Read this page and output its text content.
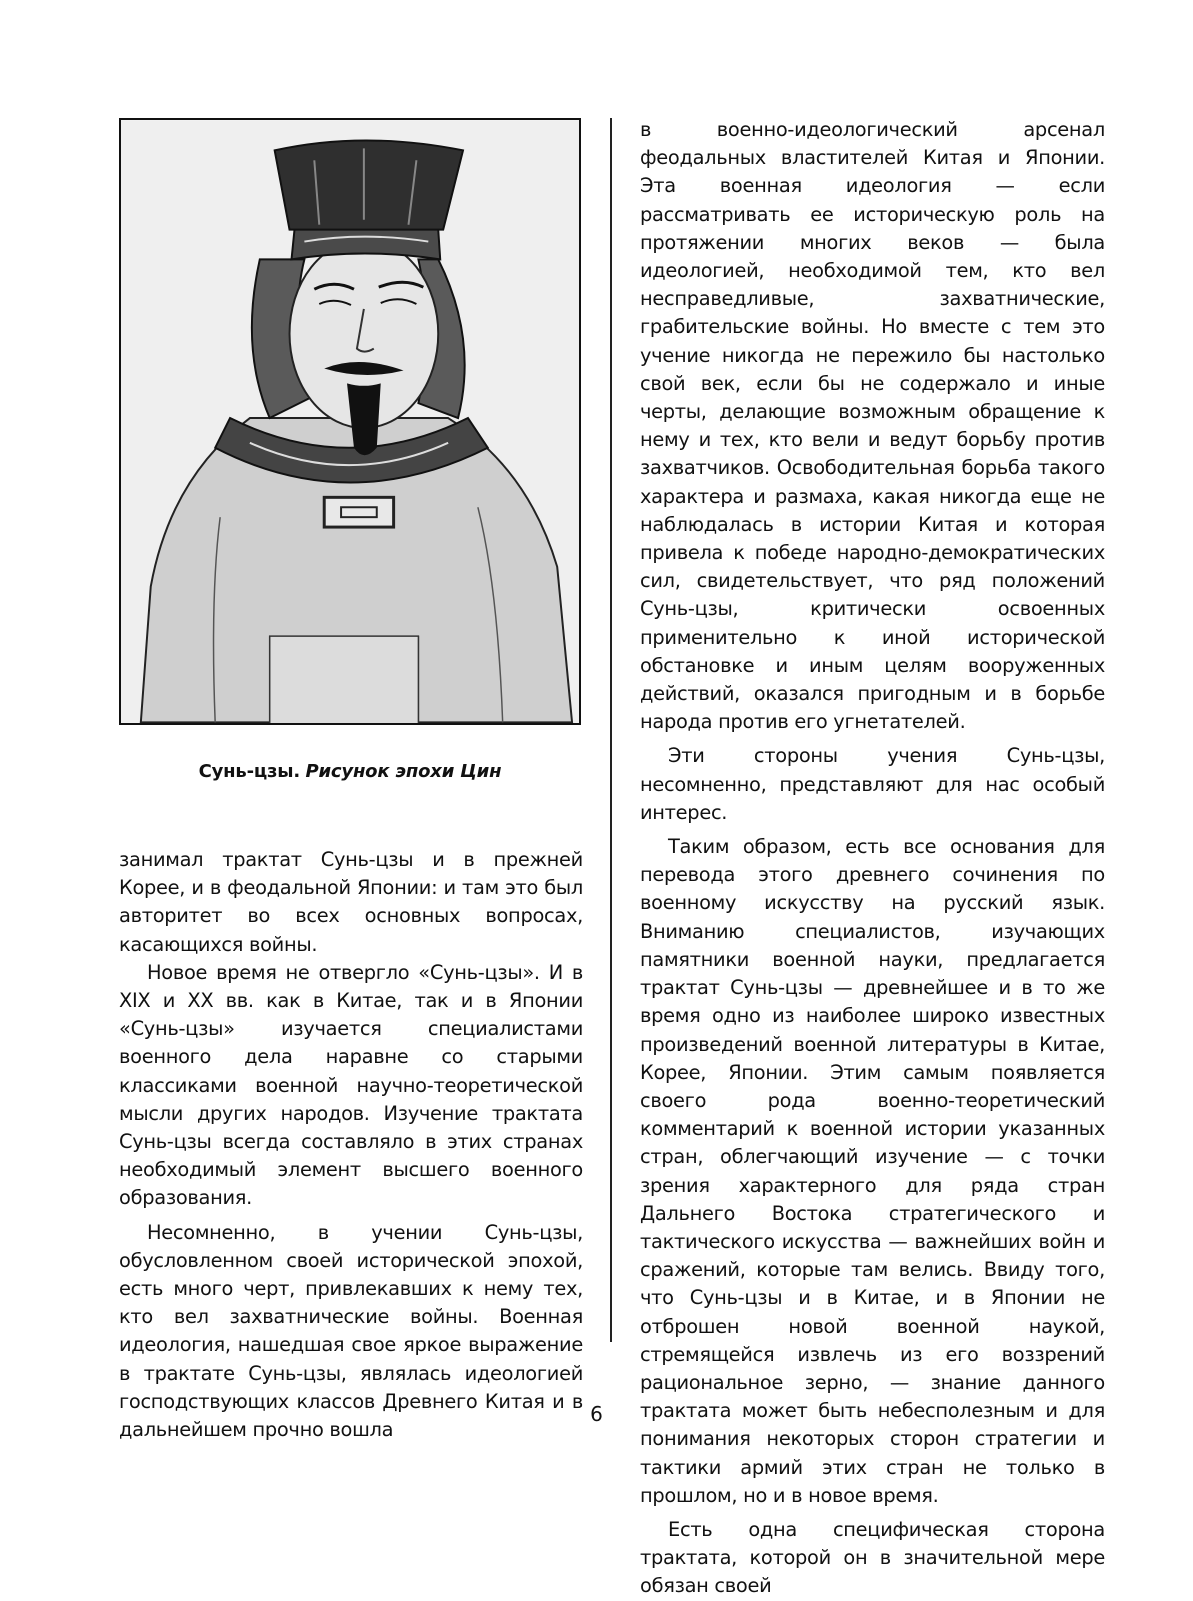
Сунь-цзы. Рисунок эпохи Цин

занимал трактат Сунь-цзы и в прежней Корее, и в феодальной Японии: и там это был авторитет во всех основных вопросах, касающихся войны.

Новое время не отвергло «Сунь-цзы». И в XIX и XX вв. как в Китае, так и в Японии «Сунь-цзы» изучается специалистами военного дела наравне со старыми классиками военной научно-теоретической мысли других народов. Изучение трактата Сунь-цзы всегда составляло в этих странах необходимый элемент высшего военного образования.

Несомненно, в учении Сунь-цзы, обусловленном своей исторической эпохой, есть много черт, привлекавших к нему тех, кто вел захватнические войны. Военная идеология, нашедшая свое яркое выражение в трактате Сунь-цзы, являлась идеологией господствующих классов Древнего Китая и в дальнейшем прочно вошла

в военно-идеологический арсенал феодальных властителей Китая и Японии. Эта военная идеология — если рассматривать ее историческую роль на протяжении многих веков — была идеологией, необходимой тем, кто вел несправедливые, захватнические, грабительские войны. Но вместе с тем это учение никогда не пережило бы настолько свой век, если бы не содержало и иные черты, делающие возможным обращение к нему и тех, кто вели и ведут борьбу против захватчиков. Освободительная борьба такого характера и размаха, какая никогда еще не наблюдалась в истории Китая и которая привела к победе народно-демократических сил, свидетельствует, что ряд положений Сунь-цзы, критически освоенных применительно к иной исторической обстановке и иным целям вооруженных действий, оказался пригодным и в борьбе народа против его угнетателей.

Эти стороны учения Сунь-цзы, несомненно, представляют для нас особый интерес.

Таким образом, есть все основания для перевода этого древнего сочинения по военному искусству на русский язык. Вниманию специалистов, изучающих памятники военной науки, предлагается трактат Сунь-цзы — древнейшее и в то же время одно из наиболее широко известных произведений военной литературы в Китае, Корее, Японии. Этим самым появляется своего рода военно-теоретический комментарий к военной истории указанных стран, облегчающий изучение — с точки зрения характерного для ряда стран Дальнего Востока стратегического и тактического искусства — важнейших войн и сражений, которые там велись. Ввиду того, что Сунь-цзы и в Китае, и в Японии не отброшен новой военной наукой, стремящейся извлечь из его воззрений рациональное зерно, — знание данного трактата может быть небесполезным и для понимания некоторых сторон стратегии и тактики армий этих стран не только в прошлом, но и в новое время.

Есть одна специфическая сторона трактата, которой он в значительной мере обязан своей

6
